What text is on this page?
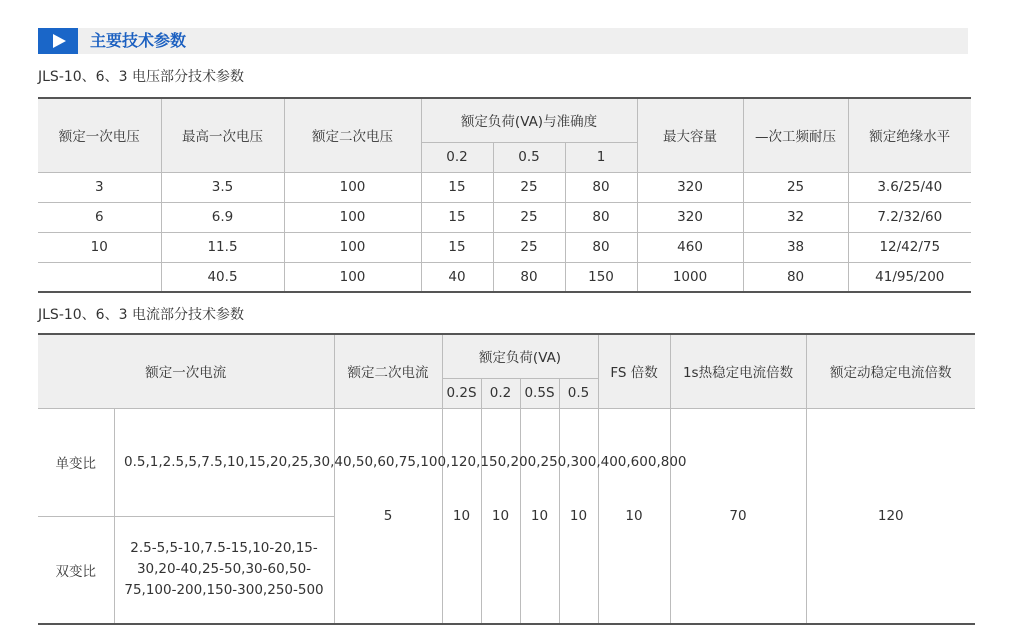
主要技术参数
JLS-10、6、3 电压部分技术参数
额定一次电压	最高一次电压	额定二次电压	额定负荷(VA)与准确度			最大容量	—次工频耐压	额定绝缘水平
			0.2	0.5	1			
3	3.5	100	15	25	80	320	25	3.6/25/40
6	6.9	100	15	25	80	320	32	7.2/32/60
10	11.5	100	15	25	80	460	38	12/42/75
	40.5	100	40	80	150	1000	80	41/95/200
JLS-10、6、3 电流部分技术参数
额定一次电流		额定二次电流	额定负荷(VA)				FS 倍数	1s热稳定电流倍数	额定动稳定电流倍数
			0.2S	0.2	0.5S	0.5			
单变比	0.5,1,2.5,5,7.5,10,15,20,25,30,40,50,60,75,100,120,150,200,250,300,400,600,800	5	10	10	10	10	10	70	120
双变比	2.5-5,5-10,7.5-15,10-20,15-30,20-40,25-50,30-60,50-75,100-200,150-300,250-500								
